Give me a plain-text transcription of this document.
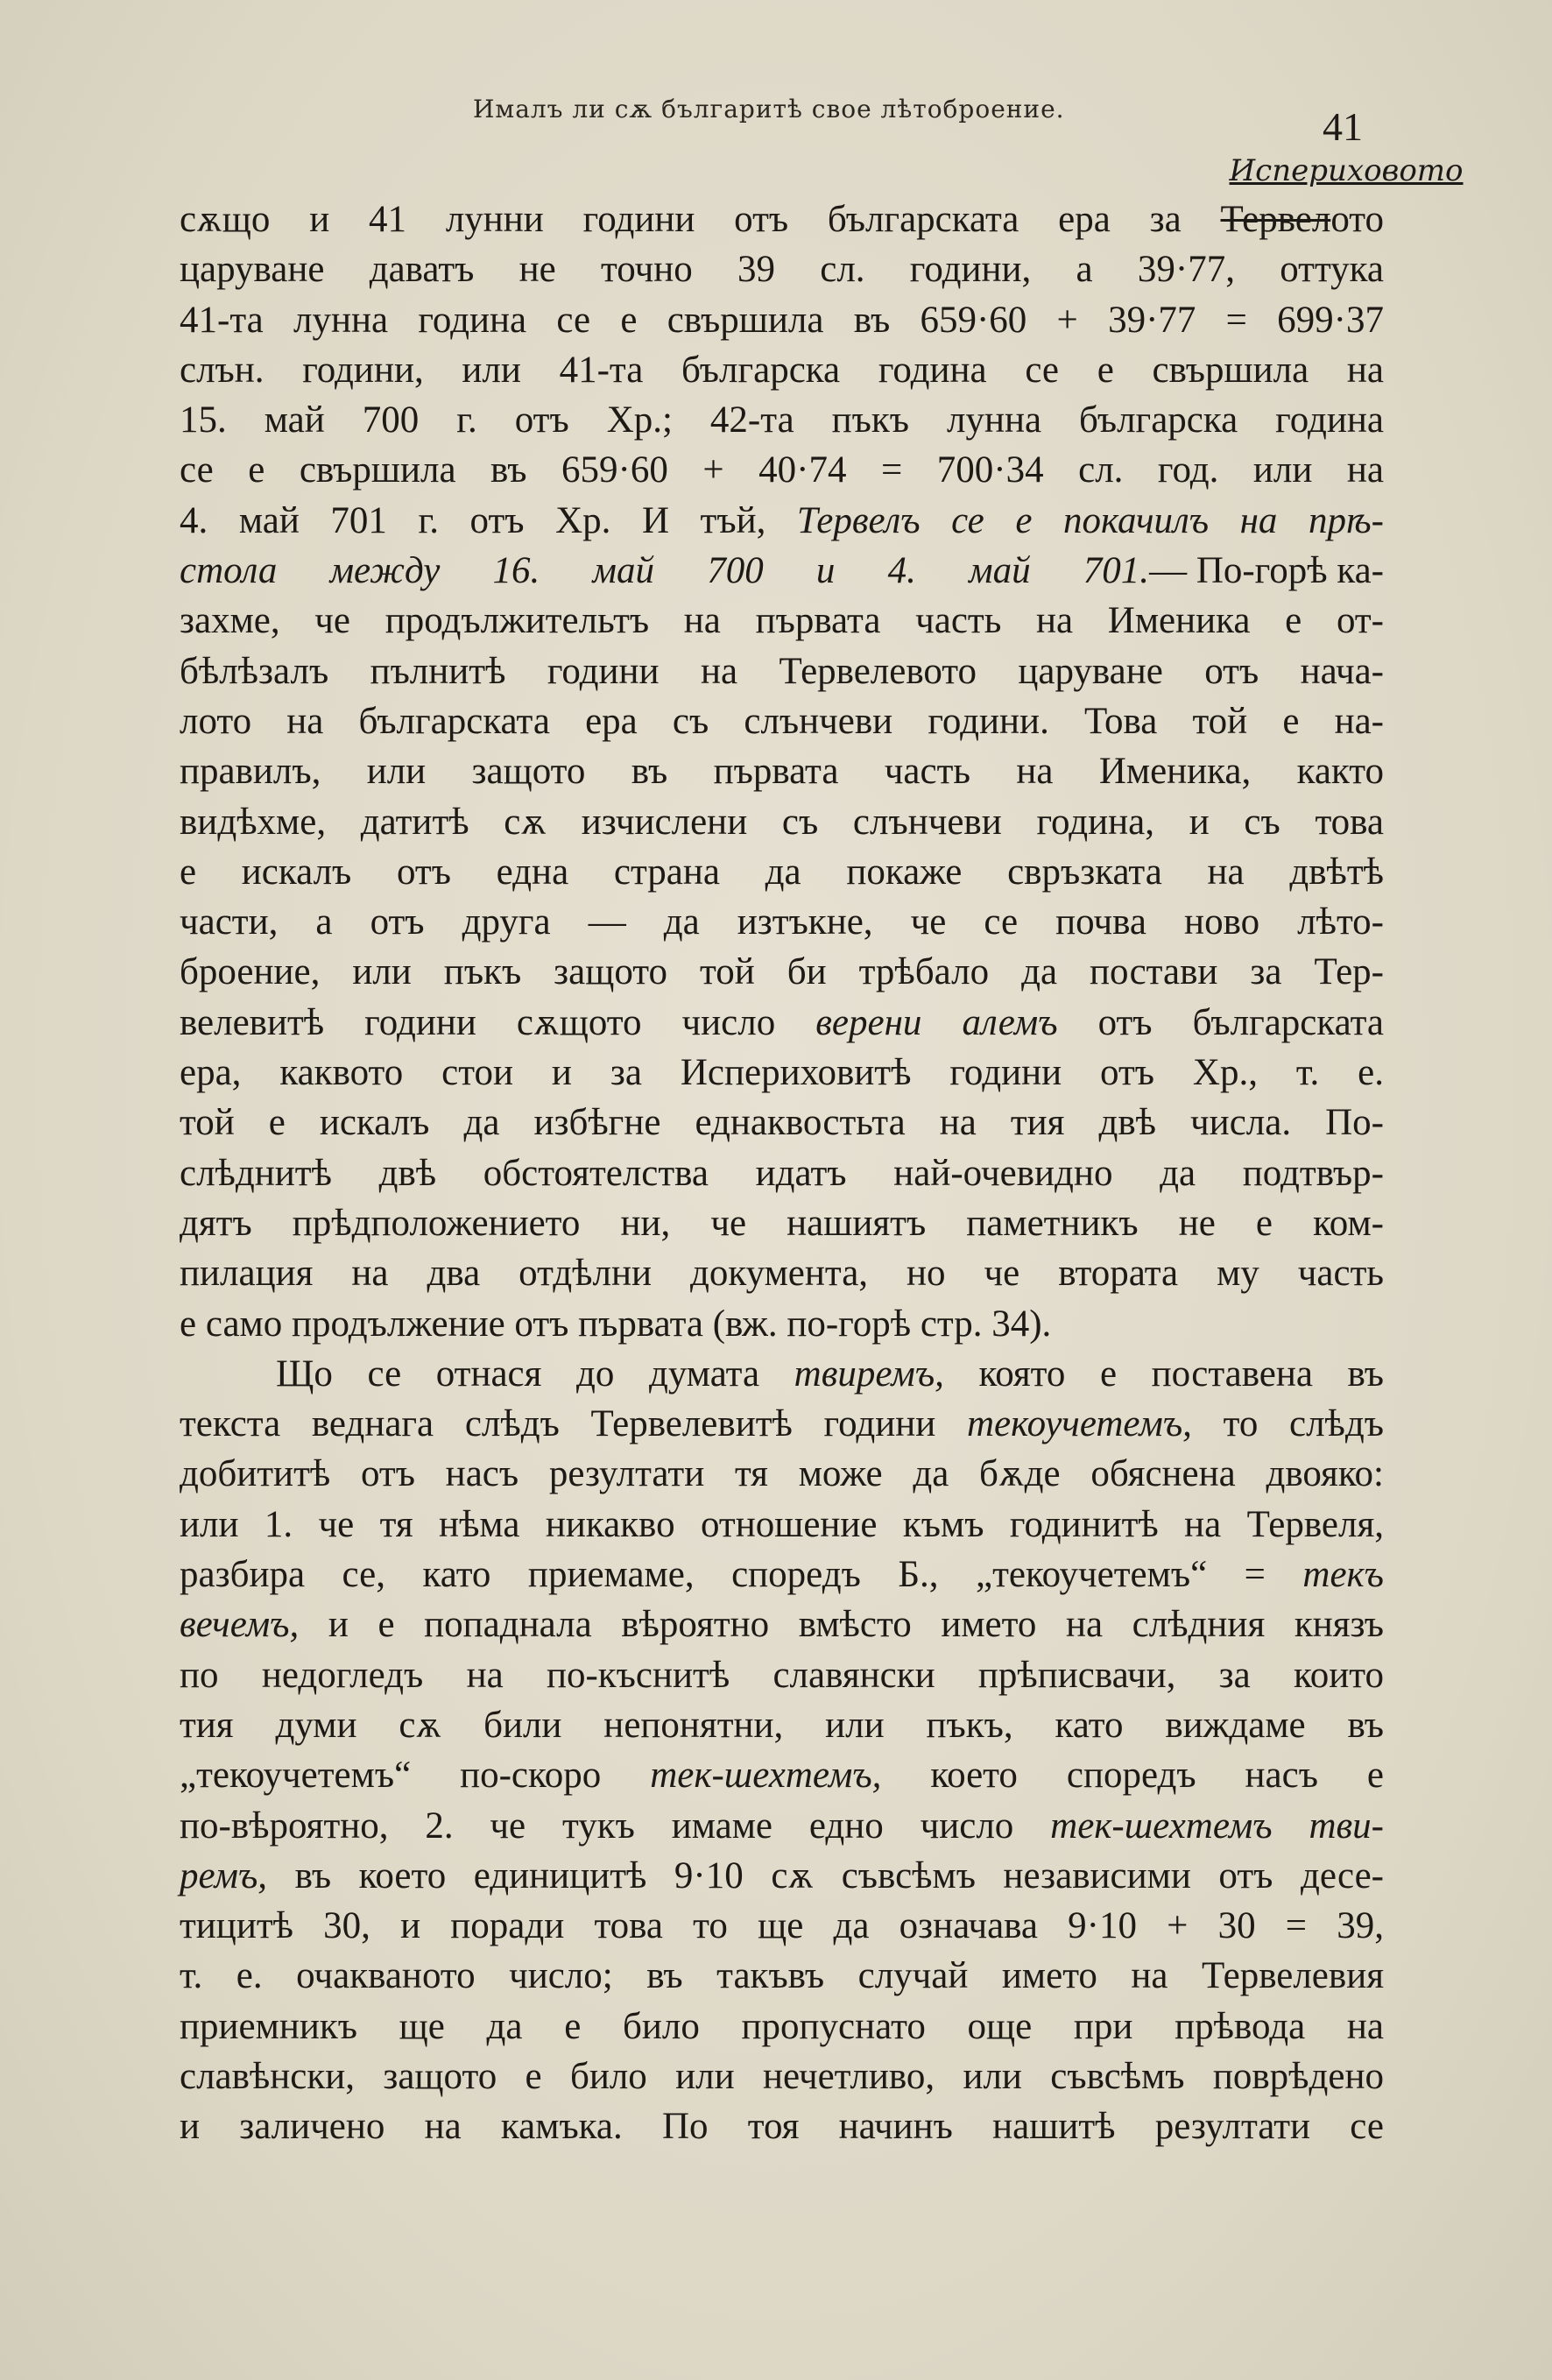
Ималъ ли сѫ българитѣ свое лѣтоброение.	41
сѫщо и 41 лунни години отъ българската ера за
Испериховото
Тервелото
царуване даватъ не точно 39 сл. години, а 39·77, оттука
41-та лунна година се е свършила въ 659·60 + 39·77 = 699·37
слън. години, или 41-та българска година се е свършила на
15. май 700 г. отъ Хр.; 42-та пъкъ лунна българска година
се е свършила въ 659·60 + 40·74 = 700·34 сл. год. или на
4. май 701 г. отъ Хр. И тъй, Тервелъ се е покачилъ на прѣ-
стола между 16. май 700 и 4. май 701. — По-горѣ ка-
захме, че продължительтъ на първата часть на Именика е от-
бѣлѣзалъ пълнитѣ години на Тервелевото царуване отъ нача-
лото на българската ера съ слънчеви години. Това той е на-
правилъ, или защото въ първата часть на Именика, както
видѣхме, датитѣ сѫ изчислени съ слънчеви година, и съ това
е искалъ отъ една страна да покаже свръзката на двѣтѣ
части, а отъ друга — да изтъкне, че се почва ново лѣто-
броение, или пъкъ защото той би трѣбало да постави за Тер-
велевитѣ години сѫщото число верени алемъ отъ българската
ера, каквото стои и за Испериховитѣ години отъ Хр., т. е.
той е искалъ да избѣгне еднаквостьта на тия двѣ числа. По-
слѣднитѣ двѣ обстоятелства идатъ най-очевидно да подтвър-
дятъ прѣдположението ни, че нашиятъ паметникъ не е ком-
пилация на два отдѣлни документа, но че втората му часть
е само продължение отъ първата (вж. по-горѣ стр. 34).
Що се отнася до думата твиремъ, която е поставена въ
текста веднага слѣдъ Тервелевитѣ години текоучетемъ, то слѣдъ
добититѣ отъ насъ резултати тя може да бѫде обяснена двояко:
или 1. че тя нѣма никакво отношение къмъ годинитѣ на Тервеля,
разбира се, като приемаме, споредъ Б., „текоучетемъ“ = текъ
вечемъ, и е попаднала вѣроятно вмѣсто името на слѣдния князъ
по недогледъ на по-къснитѣ славянски прѣписвачи, за които
тия думи сѫ били непонятни, или пъкъ, като виждаме въ
„текоучетемъ“ по-скоро тек-шехтемъ, което споредъ насъ е
по-вѣроятно, 2. че тукъ имаме едно число тек-шехтемъ тви-
ремъ, въ което единицитѣ 9·10 сѫ съвсѣмъ независими отъ десе-
тицитѣ 30, и поради това то ще да означава 9·10 + 30 = 39,
т. е. очакваното число; въ такъвъ случай името на Тервелевия
приемникъ ще да е било пропуснато още при прѣвода на
славѣнски, защото е било или нечетливо, или съвсѣмъ поврѣдено
и заличено на камъка. По тоя начинъ нашитѣ резултати се
